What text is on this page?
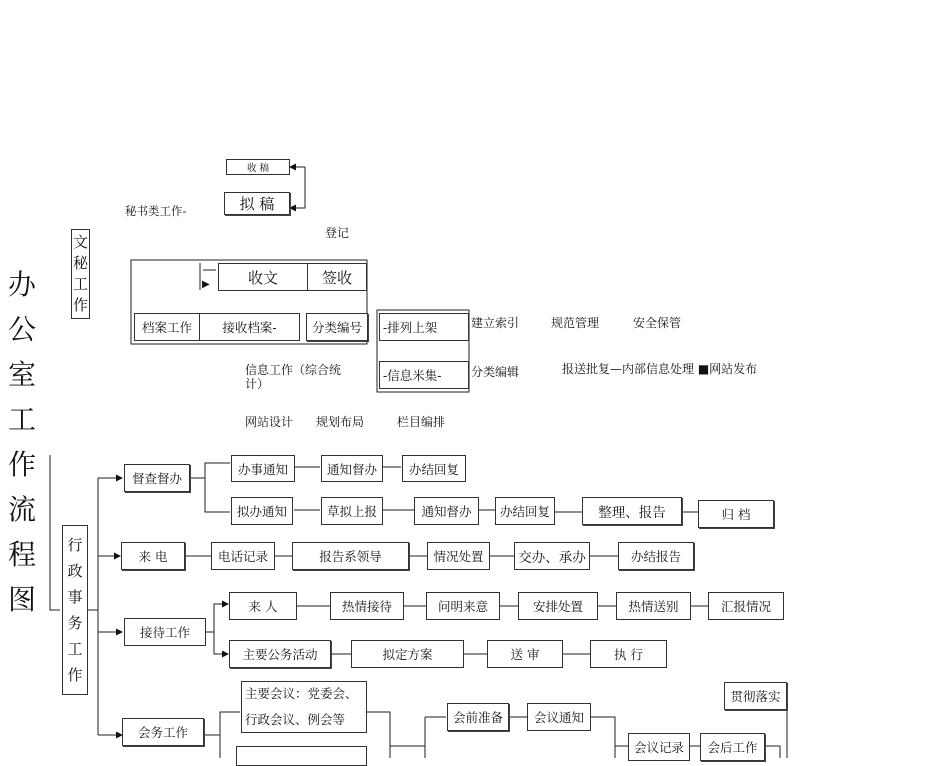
办
公
室
工
作
流
程
图
文
秘
工
作
秘书类工作-
收 稿
拟 稿
登记
▶	收文	签收
档案工作	接收档案-	分类编号	-排列上架	建立索引	规范管理	安全保管
信息工作（综合统计）
-信息米集-	分类编辑	报送批复—内部信息处理 ■网站发布
网站设计 规划布局	栏目编排
行
政
事
务
工
作
督查督办
办事通知	通知督办	办结回复
拟办通知	草拟上报	通知督办	办结回复	整理、报告	归 档
来 电	电话记录	报告系领导	情况处置	交办、承办	办结报告
接待工作
来 人	热情接待	问明来意	安排处置	热情送别	汇报情况
主要公务活动	拟定方案	送 审	执 行
会务工作
主要会议：党委会、
行政会议、例会等	会前准备	会议通知
会议记录	会后工作
贯彻落实
